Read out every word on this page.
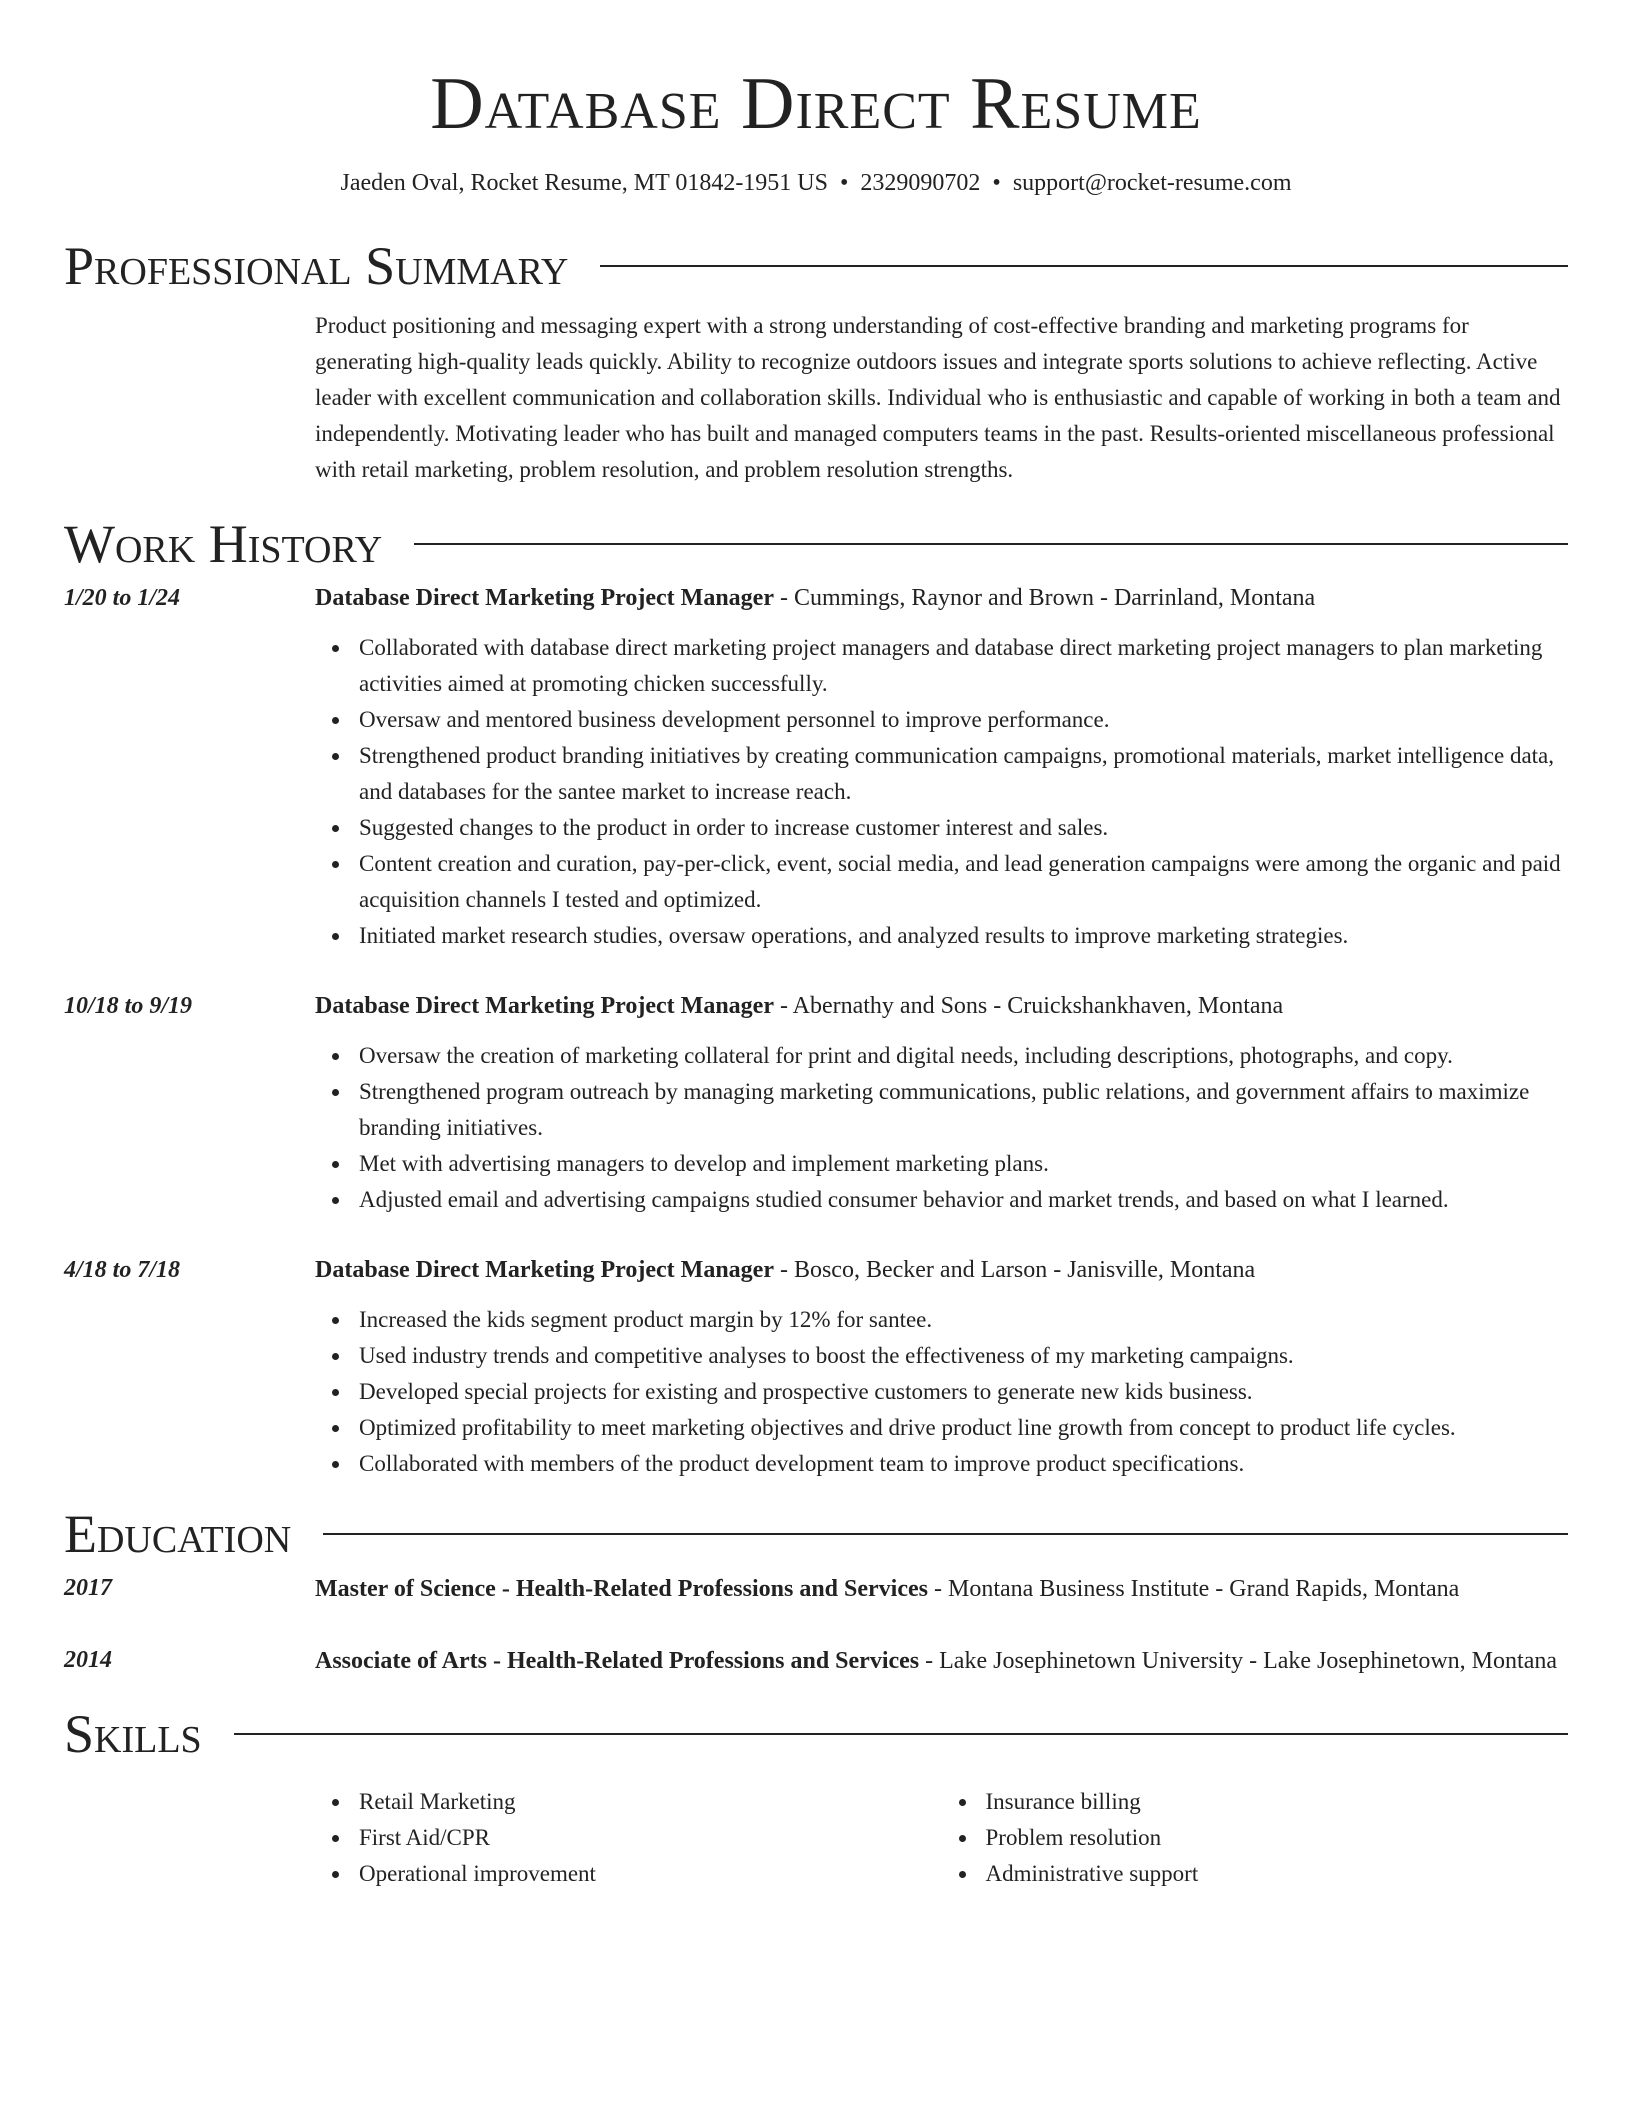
Database Direct Resume
Jaeden Oval, Rocket Resume, MT 01842-1951 US • 2329090702 • support@rocket-resume.com
Professional Summary
Product positioning and messaging expert with a strong understanding of cost-effective branding and marketing programs for generating high-quality leads quickly. Ability to recognize outdoors issues and integrate sports solutions to achieve reflecting. Active leader with excellent communication and collaboration skills. Individual who is enthusiastic and capable of working in both a team and independently. Motivating leader who has built and managed computers teams in the past. Results-oriented miscellaneous professional with retail marketing, problem resolution, and problem resolution strengths.
Work History
1/20 to 1/24	Database Direct Marketing Project Manager - Cummings, Raynor and Brown - Darrinland, Montana
Collaborated with database direct marketing project managers and database direct marketing project managers to plan marketing activities aimed at promoting chicken successfully.
Oversaw and mentored business development personnel to improve performance.
Strengthened product branding initiatives by creating communication campaigns, promotional materials, market intelligence data, and databases for the santee market to increase reach.
Suggested changes to the product in order to increase customer interest and sales.
Content creation and curation, pay-per-click, event, social media, and lead generation campaigns were among the organic and paid acquisition channels I tested and optimized.
Initiated market research studies, oversaw operations, and analyzed results to improve marketing strategies.
10/18 to 9/19	Database Direct Marketing Project Manager - Abernathy and Sons - Cruickshankhaven, Montana
Oversaw the creation of marketing collateral for print and digital needs, including descriptions, photographs, and copy.
Strengthened program outreach by managing marketing communications, public relations, and government affairs to maximize branding initiatives.
Met with advertising managers to develop and implement marketing plans.
Adjusted email and advertising campaigns studied consumer behavior and market trends, and based on what I learned.
4/18 to 7/18	Database Direct Marketing Project Manager - Bosco, Becker and Larson - Janisville, Montana
Increased the kids segment product margin by 12% for santee.
Used industry trends and competitive analyses to boost the effectiveness of my marketing campaigns.
Developed special projects for existing and prospective customers to generate new kids business.
Optimized profitability to meet marketing objectives and drive product line growth from concept to product life cycles.
Collaborated with members of the product development team to improve product specifications.
Education
2017	Master of Science - Health-Related Professions and Services - Montana Business Institute - Grand Rapids, Montana
2014	Associate of Arts - Health-Related Professions and Services - Lake Josephinetown University - Lake Josephinetown, Montana
Skills
Retail Marketing
First Aid/CPR
Operational improvement
Insurance billing
Problem resolution
Administrative support
